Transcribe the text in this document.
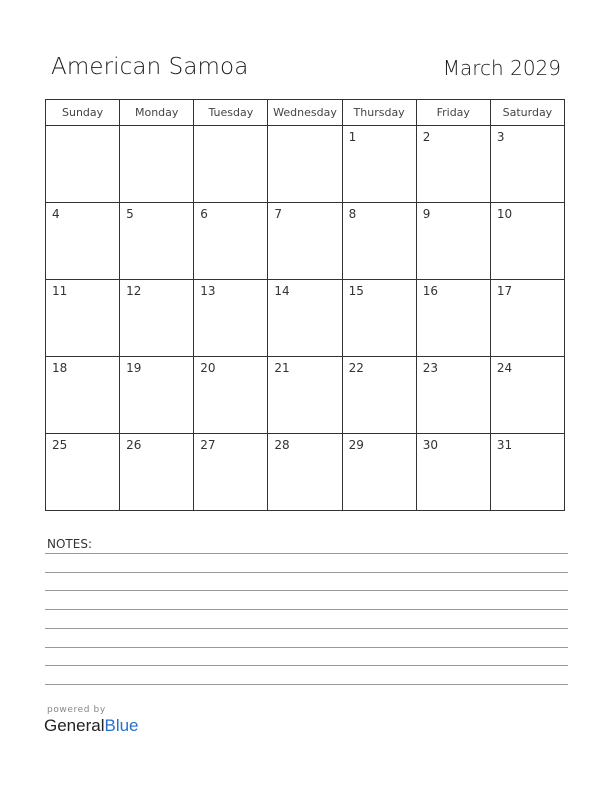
American Samoa	March 2029
Sunday	Monday	Tuesday	Wednesday	Thursday	Friday	Saturday

				1	2	3

4	5	6	7	8	9	10

11	12	13	14	15	16	17

18	19	20	21	22	23	24

25	26	27	28	29	30	31
NOTES:
powered by
GeneralBlue
